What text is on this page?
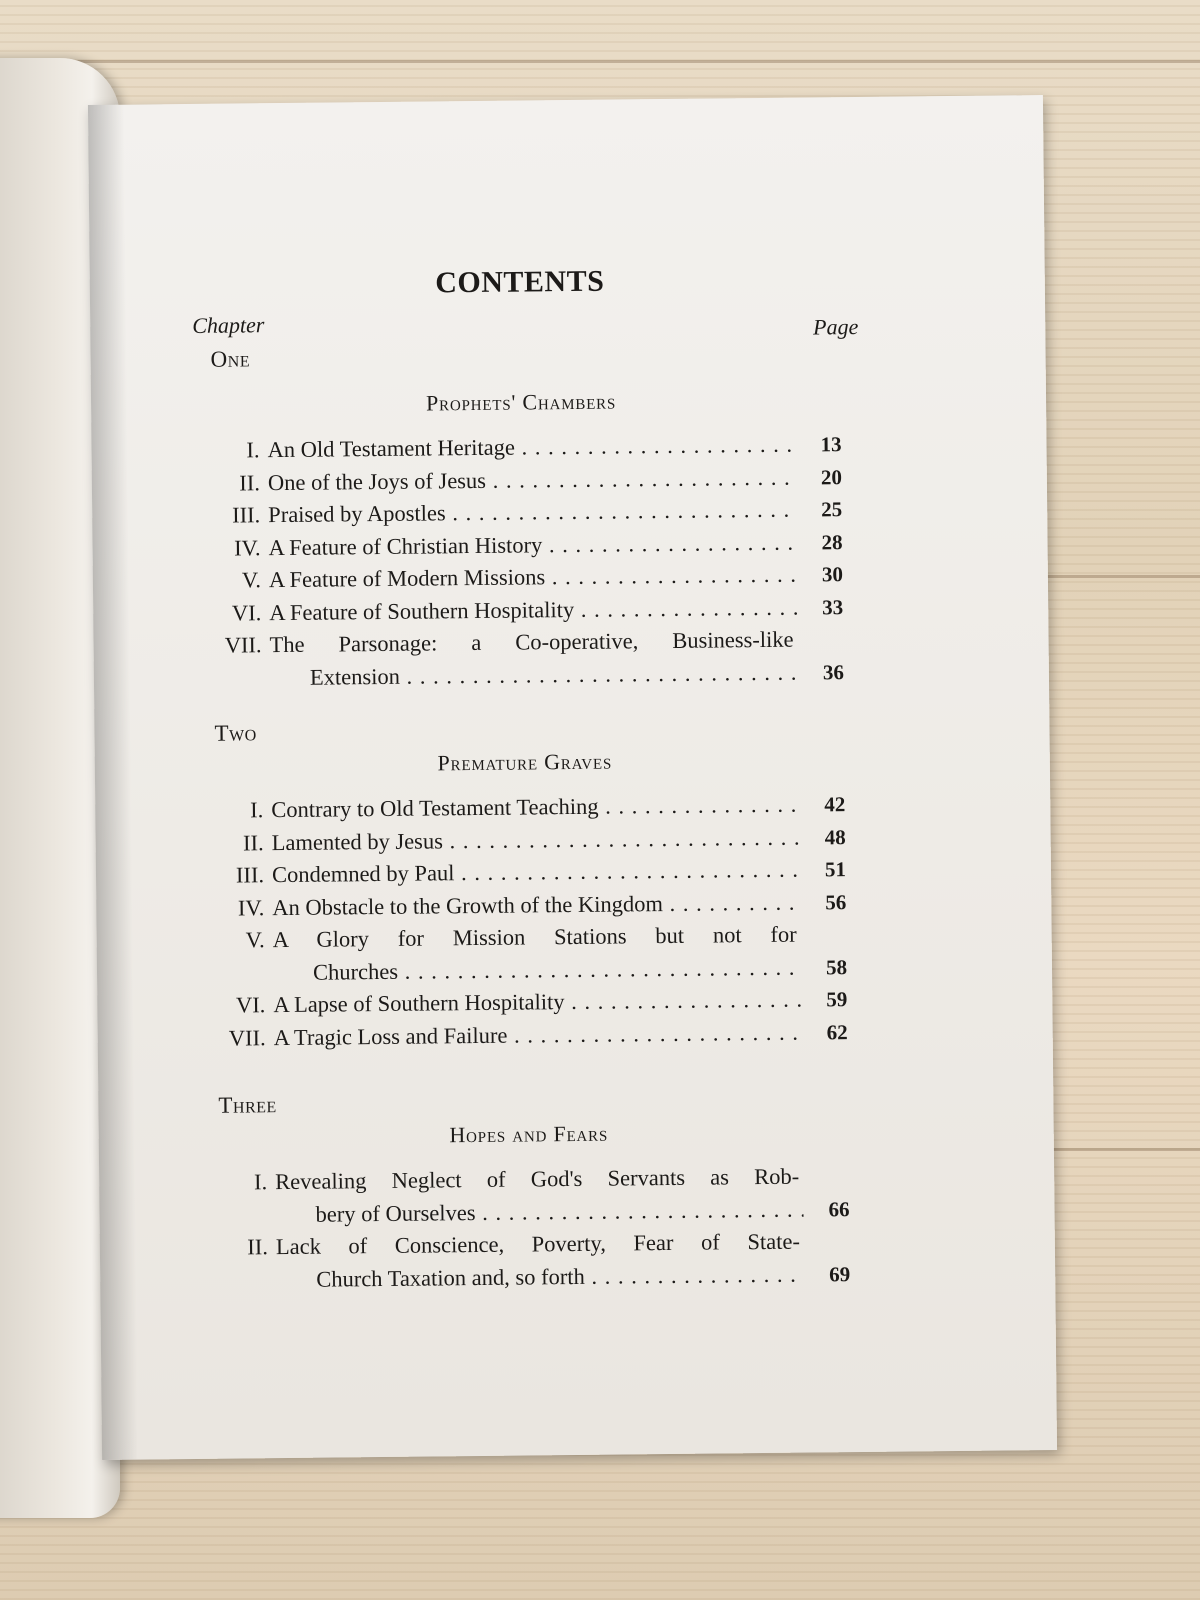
CONTENTS
Chapter	Page
One
Prophets' Chambers
I. An Old Testament Heritage . . .	13
II. One of the Joys of Jesus . . .	20
III. Praised by Apostles . . .	25
IV. A Feature of Christian History . . .	28
V. A Feature of Modern Missions . . .	30
VI. A Feature of Southern Hospitality . . .	33
VII. The Parsonage: a Co-operative, Business-like
Extension . . .	36
Two
Premature Graves
I. Contrary to Old Testament Teaching . . .	42
II. Lamented by Jesus . . .	48
III. Condemned by Paul . . .	51
IV. An Obstacle to the Growth of the Kingdom . . .	56
V. A Glory for Mission Stations but not for
Churches . . .	58
VI. A Lapse of Southern Hospitality . . .	59
VII. A Tragic Loss and Failure . . .	62
Three
Hopes and Fears
I. Revealing Neglect of God's Servants as Rob-
bery of Ourselves . . .	66
II. Lack of Conscience, Poverty, Fear of State-
Church Taxation and, so forth . . .	69
